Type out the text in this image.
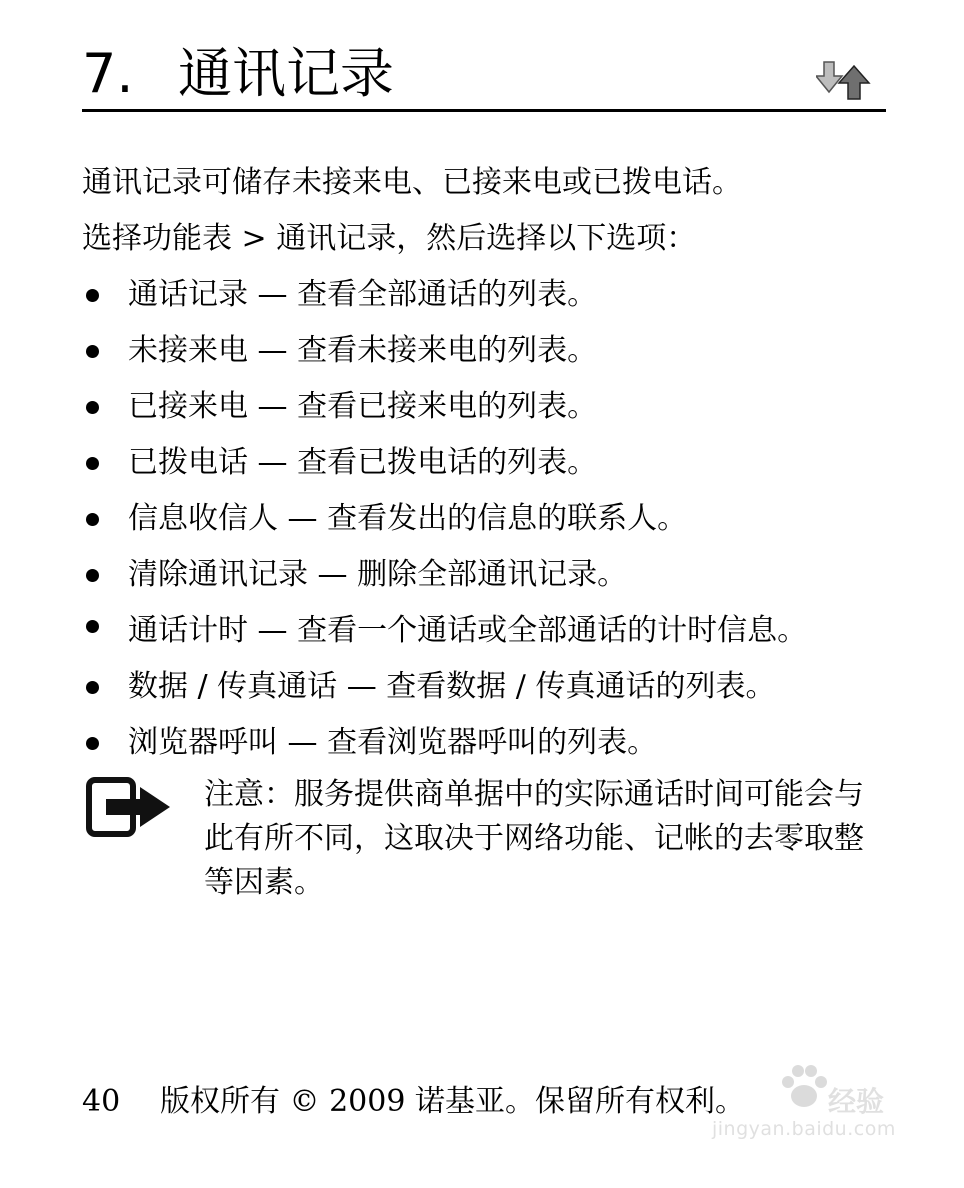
7. 通讯记录

通讯记录可储存未接来电、已接来电或已拨电话。

选择功能表 > 通讯记录，然后选择以下选项：

通话记录 — 查看全部通话的列表。
未接来电 — 查看未接来电的列表。
已接来电 — 查看已接来电的列表。
已拨电话 — 查看已拨电话的列表。
信息收信人 — 查看发出的信息的联系人。
清除通讯记录 — 删除全部通讯记录。
通话计时 — 查看一个通话或全部通话的计时信息。
数据 / 传真通话 — 查看数据 / 传真通话的列表。
浏览器呼叫 — 查看浏览器呼叫的列表。
注意：服务提供商单据中的实际通话时间可能会与此有所不同，这取决于网络功能、记帐的去零取整等因素。
40 版权所有 © 2009 诺基亚。保留所有权利。	经验
jingyan.baidu.com
